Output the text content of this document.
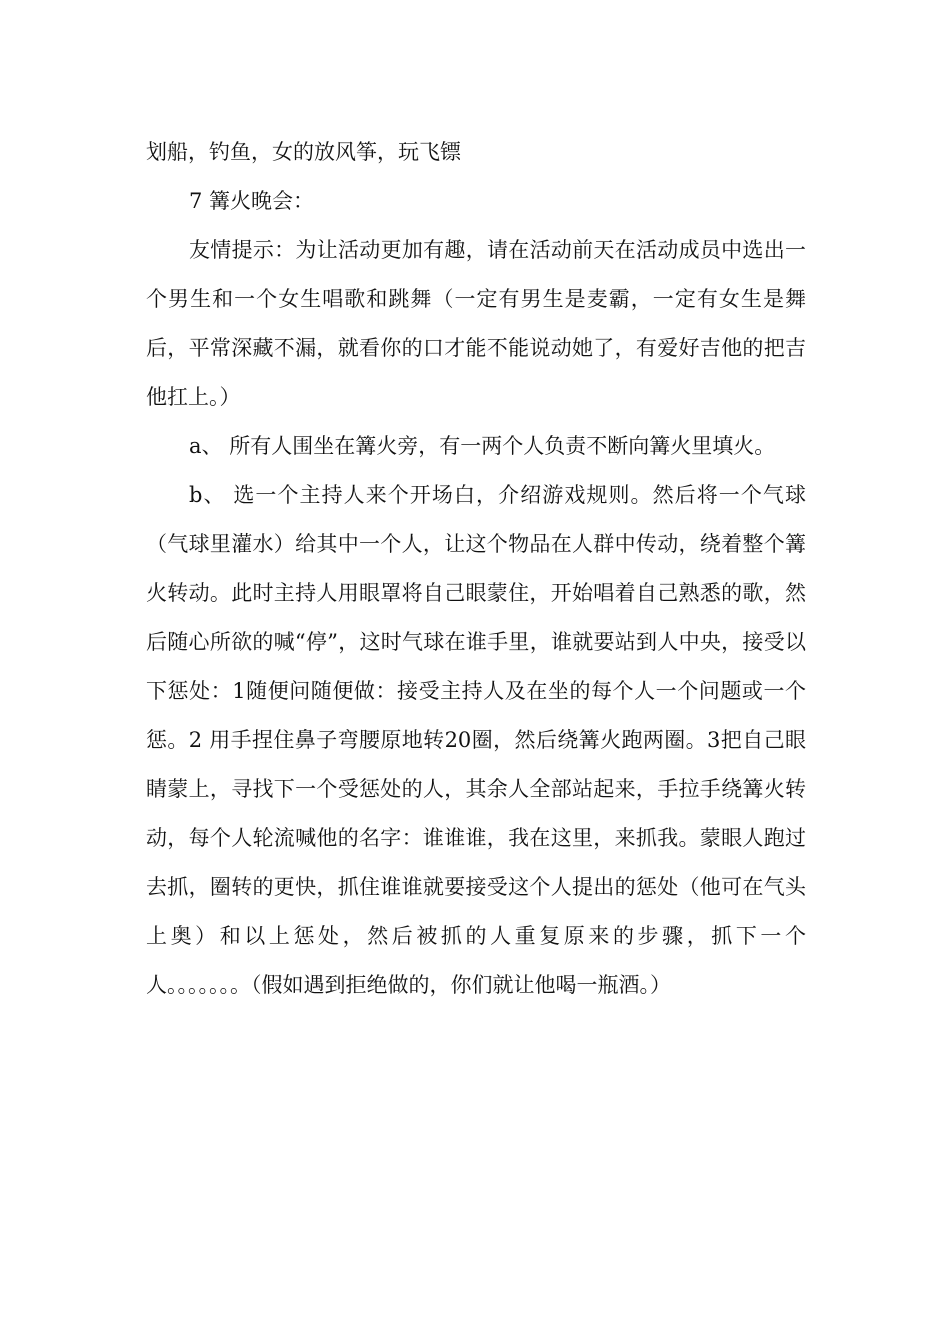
划船，钓鱼，女的放风筝，玩飞镖

7 篝火晚会：

友情提示：为让活动更加有趣，请在活动前天在活动成员中选出一个男生和一个女生唱歌和跳舞（一定有男生是麦霸，一定有女生是舞后，平常深藏不漏，就看你的口才能不能说动她了，有爱好吉他的把吉他扛上。）

a、 所有人围坐在篝火旁，有一两个人负责不断向篝火里填火。

b、 选一个主持人来个开场白，介绍游戏规则。然后将一个气球（气球里灌水）给其中一个人，让这个物品在人群中传动，绕着整个篝火转动。此时主持人用眼罩将自己眼蒙住，开始唱着自己熟悉的歌，然后随心所欲的喊“停”，这时气球在谁手里，谁就要站到人中央，接受以下惩处：1随便问随便做：接受主持人及在坐的每个人一个问题或一个惩。2 用手捏住鼻子弯腰原地转20圈，然后绕篝火跑两圈。3把自己眼睛蒙上，寻找下一个受惩处的人，其余人全部站起来，手拉手绕篝火转动，每个人轮流喊他的名字：谁谁谁，我在这里，来抓我。蒙眼人跑过去抓，圈转的更快，抓住谁谁就要接受这个人提出的惩处（他可在气头上奥）和以上惩处，然后被抓的人重复原来的步骤，抓下一个人。。。。。。。（假如遇到拒绝做的，你们就让他喝一瓶酒。）
